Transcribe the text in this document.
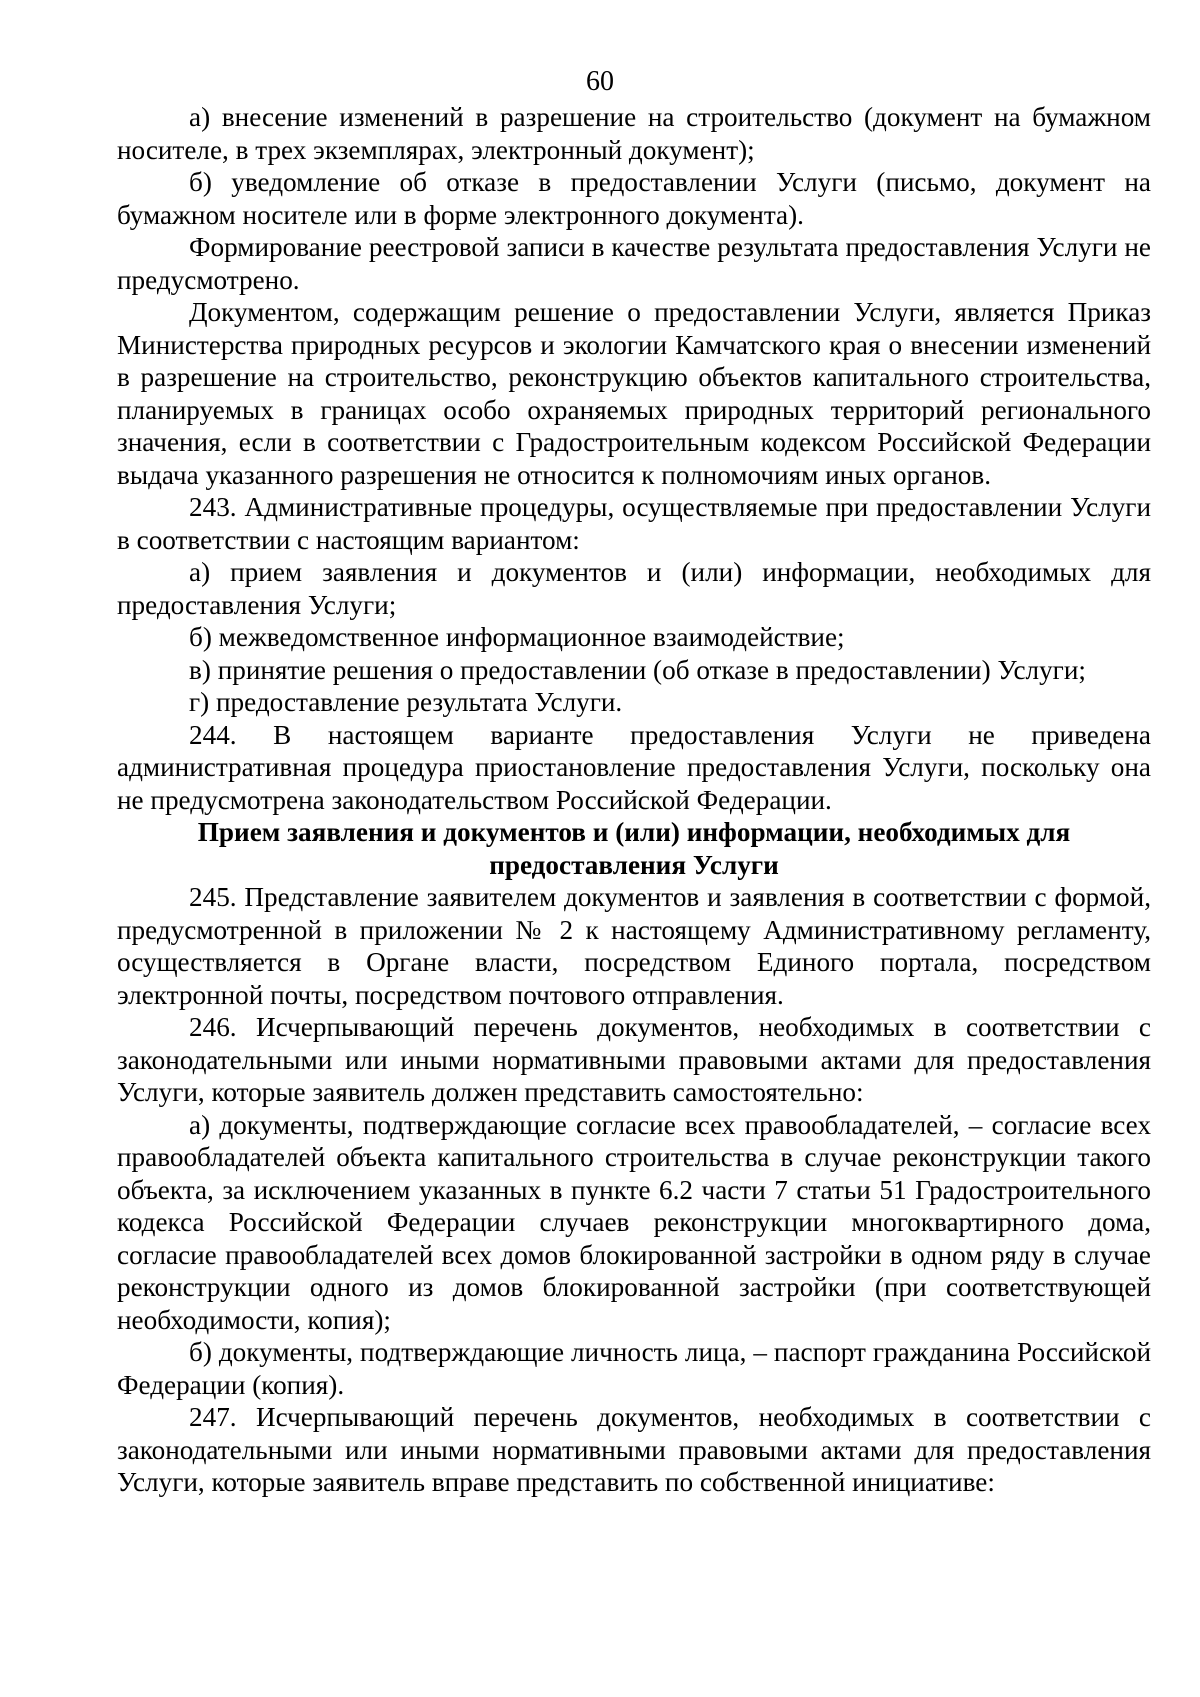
60

а) внесение изменений в разрешение на строительство (документ на бумажном носителе, в трех экземплярах, электронный документ);

б) уведомление об отказе в предоставлении Услуги (письмо, документ на бумажном носителе или в форме электронного документа).

Формирование реестровой записи в качестве результата предоставления Услуги не предусмотрено.

Документом, содержащим решение о предоставлении Услуги, является Приказ Министерства природных ресурсов и экологии Камчатского края о внесении изменений в разрешение на строительство, реконструкцию объектов капитального строительства, планируемых в границах особо охраняемых природных территорий регионального значения, если в соответствии с Градостроительным кодексом Российской Федерации выдача указанного разрешения не относится к полномочиям иных органов.

243. Административные процедуры, осуществляемые при предоставлении Услуги в соответствии с настоящим вариантом:

а) прием заявления и документов и (или) информации, необходимых для предоставления Услуги;

б) межведомственное информационное взаимодействие;

в) принятие решения о предоставлении (об отказе в предоставлении) Услуги;

г) предоставление результата Услуги.

244. В настоящем варианте предоставления Услуги не приведена административная процедура приостановление предоставления Услуги, поскольку она не предусмотрена законодательством Российской Федерации.

Прием заявления и документов и (или) информации, необходимых для предоставления Услуги

245. Представление заявителем документов и заявления в соответствии с формой, предусмотренной в приложении № 2 к настоящему Административному регламенту, осуществляется в Органе власти, посредством Единого портала, посредством электронной почты, посредством почтового отправления.

246. Исчерпывающий перечень документов, необходимых в соответствии с законодательными или иными нормативными правовыми актами для предоставления Услуги, которые заявитель должен представить самостоятельно:

а) документы, подтверждающие согласие всех правообладателей, – согласие всех правообладателей объекта капитального строительства в случае реконструкции такого объекта, за исключением указанных в пункте 6.2 части 7 статьи 51 Градостроительного кодекса Российской Федерации случаев реконструкции многоквартирного дома, согласие правообладателей всех домов блокированной застройки в одном ряду в случае реконструкции одного из домов блокированной застройки (при соответствующей необходимости, копия);

б) документы, подтверждающие личность лица, – паспорт гражданина Российской Федерации (копия).

247. Исчерпывающий перечень документов, необходимых в соответствии с законодательными или иными нормативными правовыми актами для предоставления Услуги, которые заявитель вправе представить по собственной инициативе:
